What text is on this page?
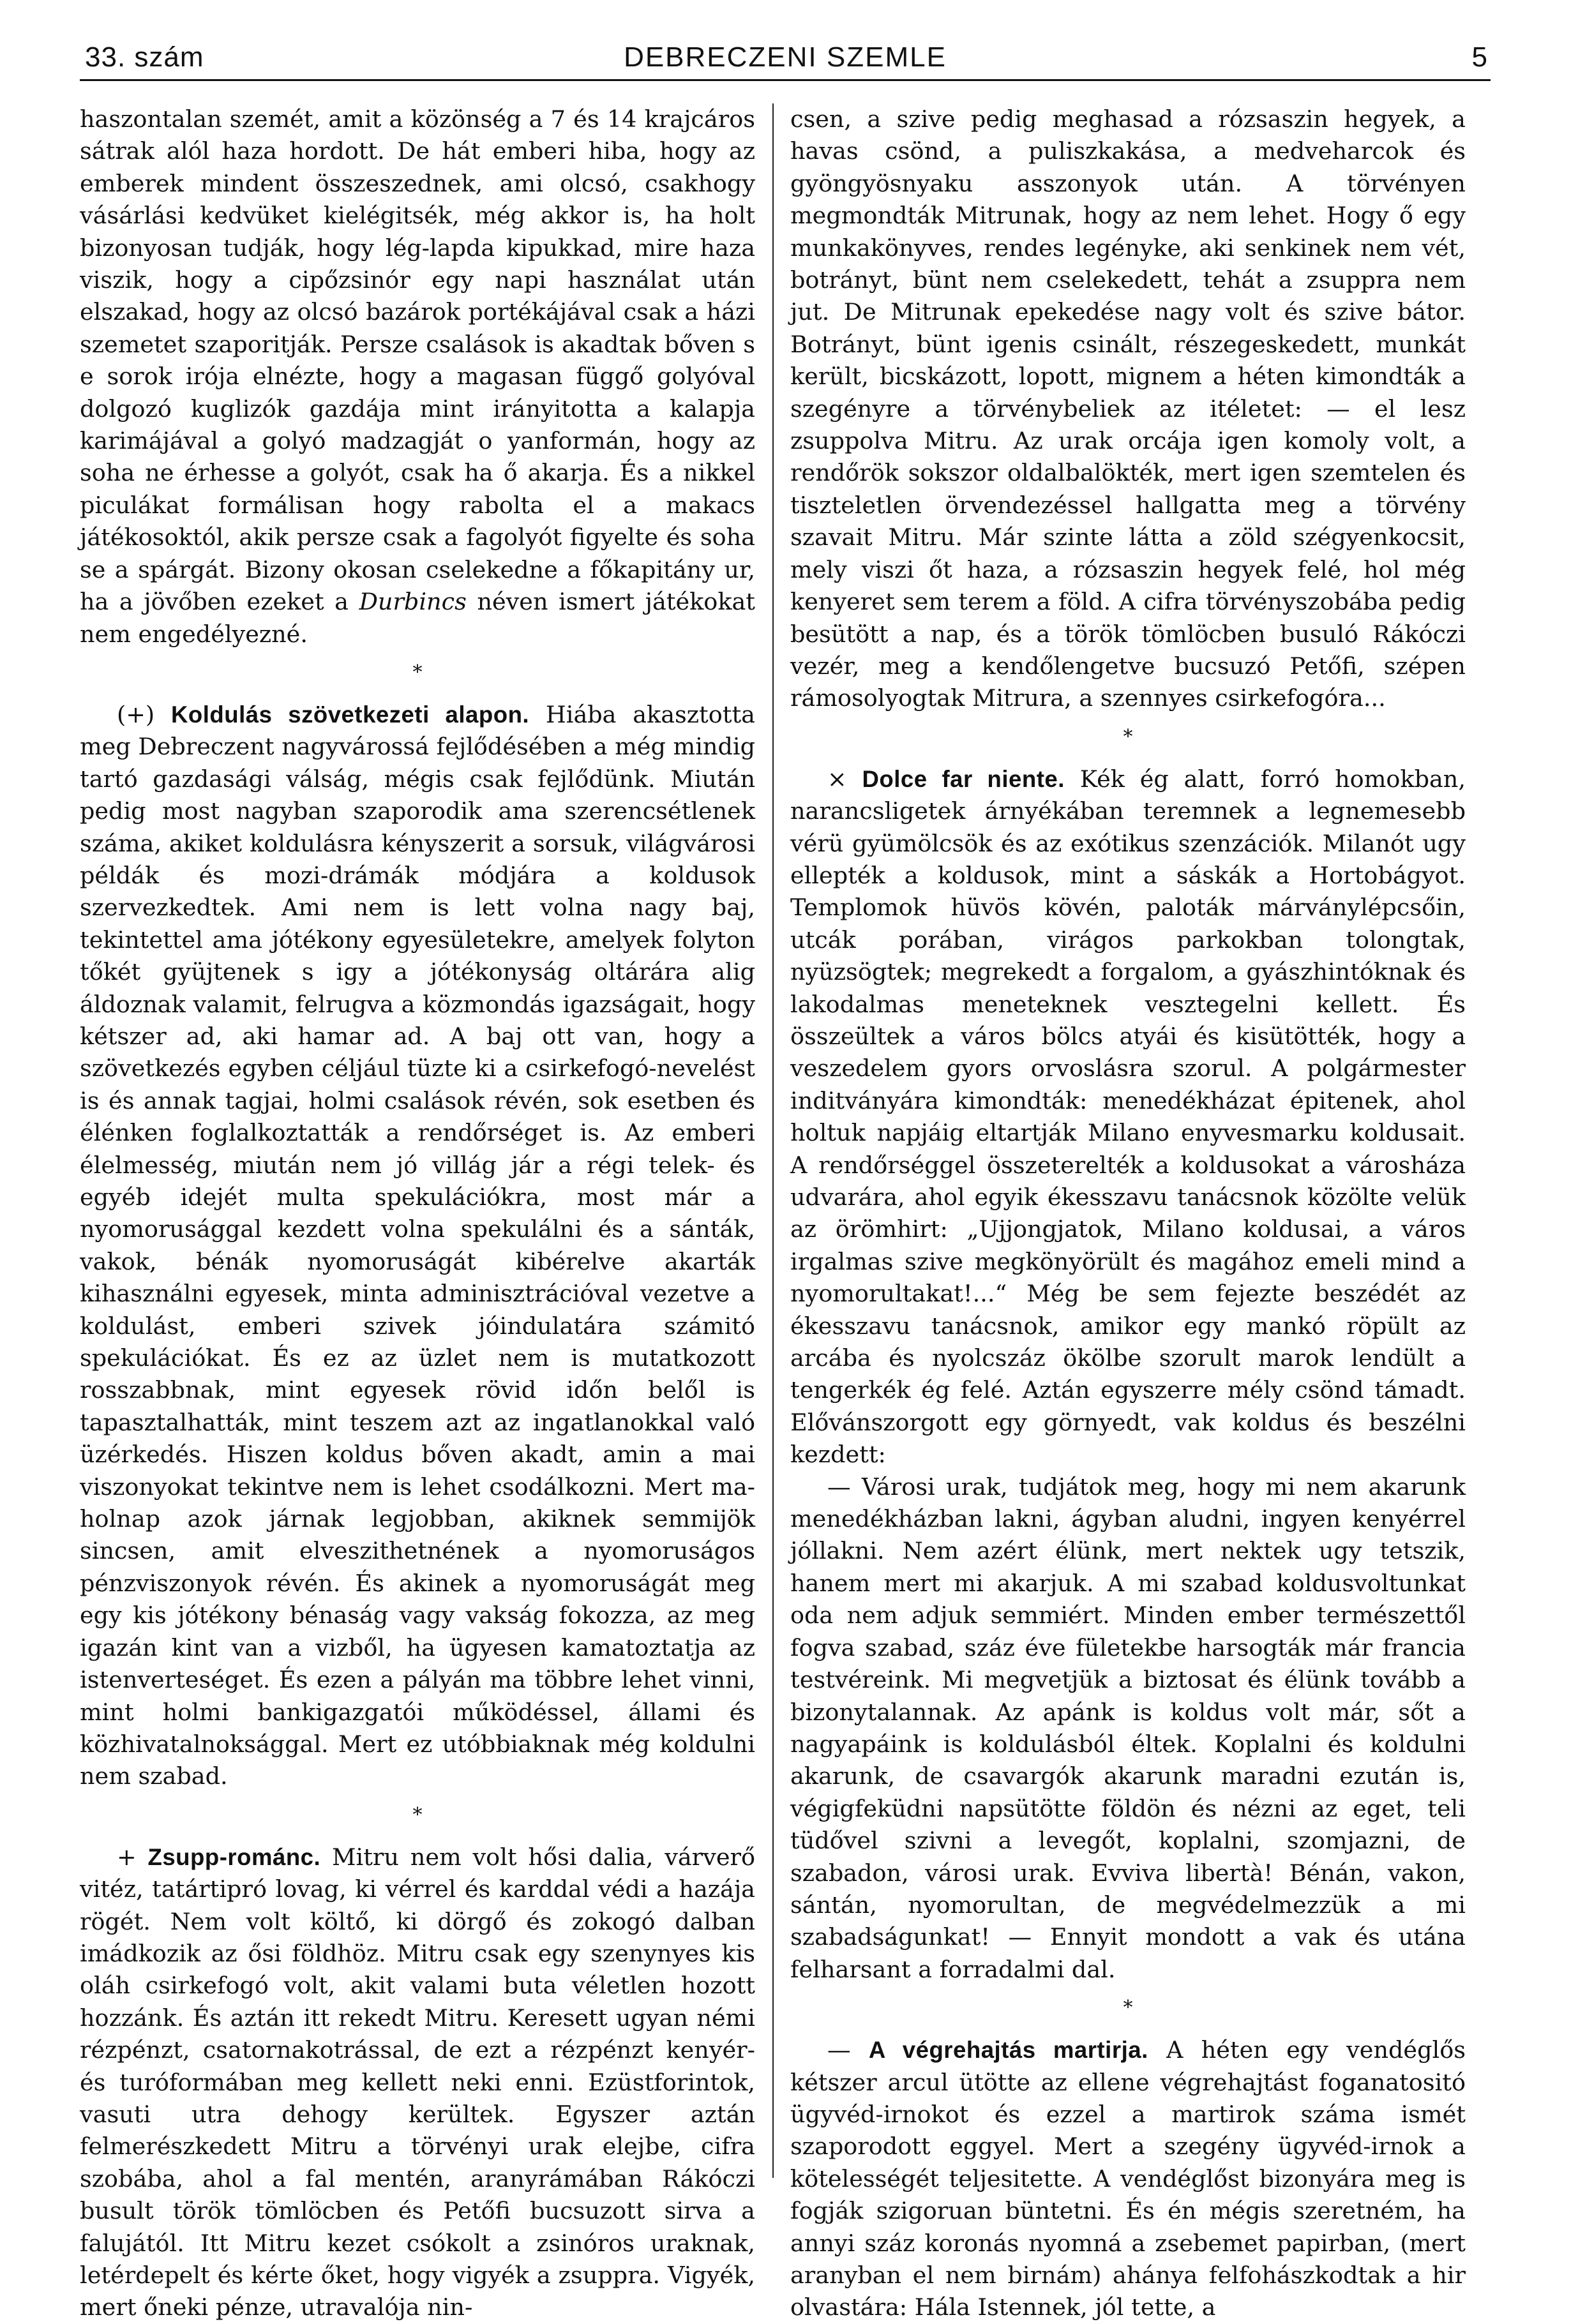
33. szám	DEBRECZENI SZEMLE	5

haszontalan szemét, amit a közönség a 7 és 14 krajcáros sátrak alól haza hordott. De hát emberi hiba, hogy az emberek mindent összeszednek, ami olcsó, csakhogy vásárlási kedvüket kielégitsék, még akkor is, ha holt bizonyosan tudják, hogy lég-lapda kipukkad, mire haza viszik, hogy a cipőzsinór egy napi használat után elszakad, hogy az olcsó bazárok portékájával csak a házi szemetet szaporitják. Persze csalások is akadtak bőven s e sorok irója elnézte, hogy a magasan függő golyóval dolgozó kuglizók gazdája mint irányitotta a kalapja karimájával a golyó madzagját o yanformán, hogy az soha ne érhesse a golyót, csak ha ő akarja. És a nikkel piculákat formálisan hogy rabolta el a makacs játékosoktól, akik persze csak a fagolyót figyelte és soha se a spárgát. Bizony okosan cselekedne a főkapitány ur, ha a jövőben ezeket a Durbincs néven ismert játékokat nem engedélyezné.

*

(+) Koldulás szövetkezeti alapon. Hiába akasztotta meg Debreczent nagyvárossá fejlődésében a még mindig tartó gazdasági válság, mégis csak fejlődünk. Miután pedig most nagyban szaporodik ama szerencsétlenek száma, akiket koldulásra kényszerit a sorsuk, világvárosi példák és mozi-drámák módjára a koldusok szervezkedtek. Ami nem is lett volna nagy baj, tekintettel ama jótékony egyesületekre, amelyek folyton tőkét gyüjtenek s igy a jótékonyság oltárára alig áldoznak valamit, felrugva a közmondás igazságait, hogy kétszer ad, aki hamar ad. A baj ott van, hogy a szövetkezés egyben céljául tüzte ki a csirkefogó-nevelést is és annak tagjai, holmi csalások révén, sok esetben és élénken foglalkoztatták a rendőrséget is. Az emberi élelmesség, miután nem jó villág jár a régi telek- és egyéb idejét multa spekulációkra, most már a nyomorusággal kezdett volna spekulálni és a sánták, vakok, bénák nyomoruságát kibérelve akarták kihasználni egyesek, minta adminisztrációval vezetve a koldulást, emberi szivek jóindulatára számitó spekulációkat. És ez az üzlet nem is mutatkozott rosszabbnak, mint egyesek rövid időn belől is tapasztalhatták, mint teszem azt az ingatlanokkal való üzérkedés. Hiszen koldus bőven akadt, amin a mai viszonyokat tekintve nem is lehet csodálkozni. Mert ma-holnap azok járnak legjobban, akiknek semmijök sincsen, amit elveszithetnének a nyomoruságos pénzviszonyok révén. És akinek a nyomoruságát meg egy kis jótékony bénaság vagy vakság fokozza, az meg igazán kint van a vizből, ha ügyesen kamatoztatja az istenverteséget. És ezen a pályán ma többre lehet vinni, mint holmi bankigazgatói működéssel, állami és közhivatalnoksággal. Mert ez utóbbiaknak még koldulni nem szabad.

*

+ Zsupp-románc. Mitru nem volt hősi dalia, várverő vitéz, tatártipró lovag, ki vérrel és karddal védi a hazája rögét. Nem volt költő, ki dörgő és zokogó dalban imádkozik az ősi földhöz. Mitru csak egy szenynyes kis oláh csirkefogó volt, akit valami buta véletlen hozott hozzánk. És aztán itt rekedt Mitru. Keresett ugyan némi rézpénzt, csatornakotrással, de ezt a rézpénzt kenyér- és turóformában meg kellett neki enni. Ezüstforintok, vasuti utra dehogy kerültek. Egyszer aztán felmerészkedett Mitru a törvényi urak elejbe, cifra szobába, ahol a fal mentén, aranyrámában Rákóczi busult török tömlöcben és Petőfi bucsuzott sirva a falujától. Itt Mitru kezet csókolt a zsinóros uraknak, letérdepelt és kérte őket, hogy vigyék a zsuppra. Vigyék, mert őneki pénze, utravalója nin-

csen, a szive pedig meghasad a rózsaszin hegyek, a havas csönd, a puliszkakása, a medveharcok és gyöngyösnyaku asszonyok után. A törvényen megmondták Mitrunak, hogy az nem lehet. Hogy ő egy munkakönyves, rendes legényke, aki senkinek nem vét, botrányt, bünt nem cselekedett, tehát a zsuppra nem jut. De Mitrunak epekedése nagy volt és szive bátor. Botrányt, bünt igenis csinált, részegeskedett, munkát került, bicskázott, lopott, mignem a héten kimondták a szegényre a törvénybeliek az itéletet: — el lesz zsuppolva Mitru. Az urak orcája igen komoly volt, a rendőrök sokszor oldalbalökték, mert igen szemtelen és tiszteletlen örvendezéssel hallgatta meg a törvény szavait Mitru. Már szinte látta a zöld szégyenkocsit, mely viszi őt haza, a rózsaszin hegyek felé, hol még kenyeret sem terem a föld. A cifra törvényszobába pedig besütött a nap, és a török tömlöcben busuló Rákóczi vezér, meg a kendőlengetve bucsuzó Petőfi, szépen rámosolyogtak Mitrura, a szennyes csirkefogóra...

*

× Dolce far niente. Kék ég alatt, forró homokban, narancsligetek árnyékában teremnek a legnemesebb vérü gyümölcsök és az exótikus szenzációk. Milanót ugy ellepték a koldusok, mint a sáskák a Hortobágyot. Templomok hüvös kövén, paloták márványlépcsőin, utcák porában, virágos parkokban tolongtak, nyüzsögtek; megrekedt a forgalom, a gyászhintóknak és lakodalmas meneteknek vesztegelni kellett. És összeültek a város bölcs atyái és kisütötték, hogy a veszedelem gyors orvoslásra szorul. A polgármester inditványára kimondták: menedékházat épitenek, ahol holtuk napjáig eltartják Milano enyvesmarku koldusait. A rendőrséggel összeterelték a koldusokat a városháza udvarára, ahol egyik ékesszavu tanácsnok közölte velük az örömhirt: „Ujjongjatok, Milano koldusai, a város irgalmas szive megkönyörült és magához emeli mind a nyomorultakat!...“ Még be sem fejezte beszédét az ékesszavu tanácsnok, amikor egy mankó röpült az arcába és nyolcszáz ökölbe szorult marok lendült a tengerkék ég felé. Aztán egyszerre mély csönd támadt. Elővánszorgott egy görnyedt, vak koldus és beszélni kezdett:

— Városi urak, tudjátok meg, hogy mi nem akarunk menedékházban lakni, ágyban aludni, ingyen kenyérrel jóllakni. Nem azért élünk, mert nektek ugy tetszik, hanem mert mi akarjuk. A mi szabad koldusvoltunkat oda nem adjuk semmiért. Minden ember természettől fogva szabad, száz éve fületekbe harsogták már francia testvéreink. Mi megvetjük a biztosat és élünk tovább a bizonytalannak. Az apánk is koldus volt már, sőt a nagyapáink is koldulásból éltek. Koplalni és koldulni akarunk, de csavargók akarunk maradni ezután is, végigfeküdni napsütötte földön és nézni az eget, teli tüdővel szivni a levegőt, koplalni, szomjazni, de szabadon, városi urak. Evviva libertà! Bénán, vakon, sántán, nyomorultan, de megvédelmezzük a mi szabadságunkat! — Ennyit mondott a vak és utána felharsant a forradalmi dal.

*

— A végrehajtás martirja. A héten egy vendéglős kétszer arcul ütötte az ellene végrehajtást foganatositó ügyvéd-irnokot és ezzel a martirok száma ismét szaporodott eggyel. Mert a szegény ügyvéd-irnok a kötelességét teljesitette. A vendéglőst bizonyára meg is fogják szigoruan büntetni. És én mégis szeretném, ha annyi száz koronás nyomná a zsebemet papirban, (mert aranyban el nem birnám) ahánya felfohászkodtak a hir olvastára: Hála Istennek, jól tette, a
